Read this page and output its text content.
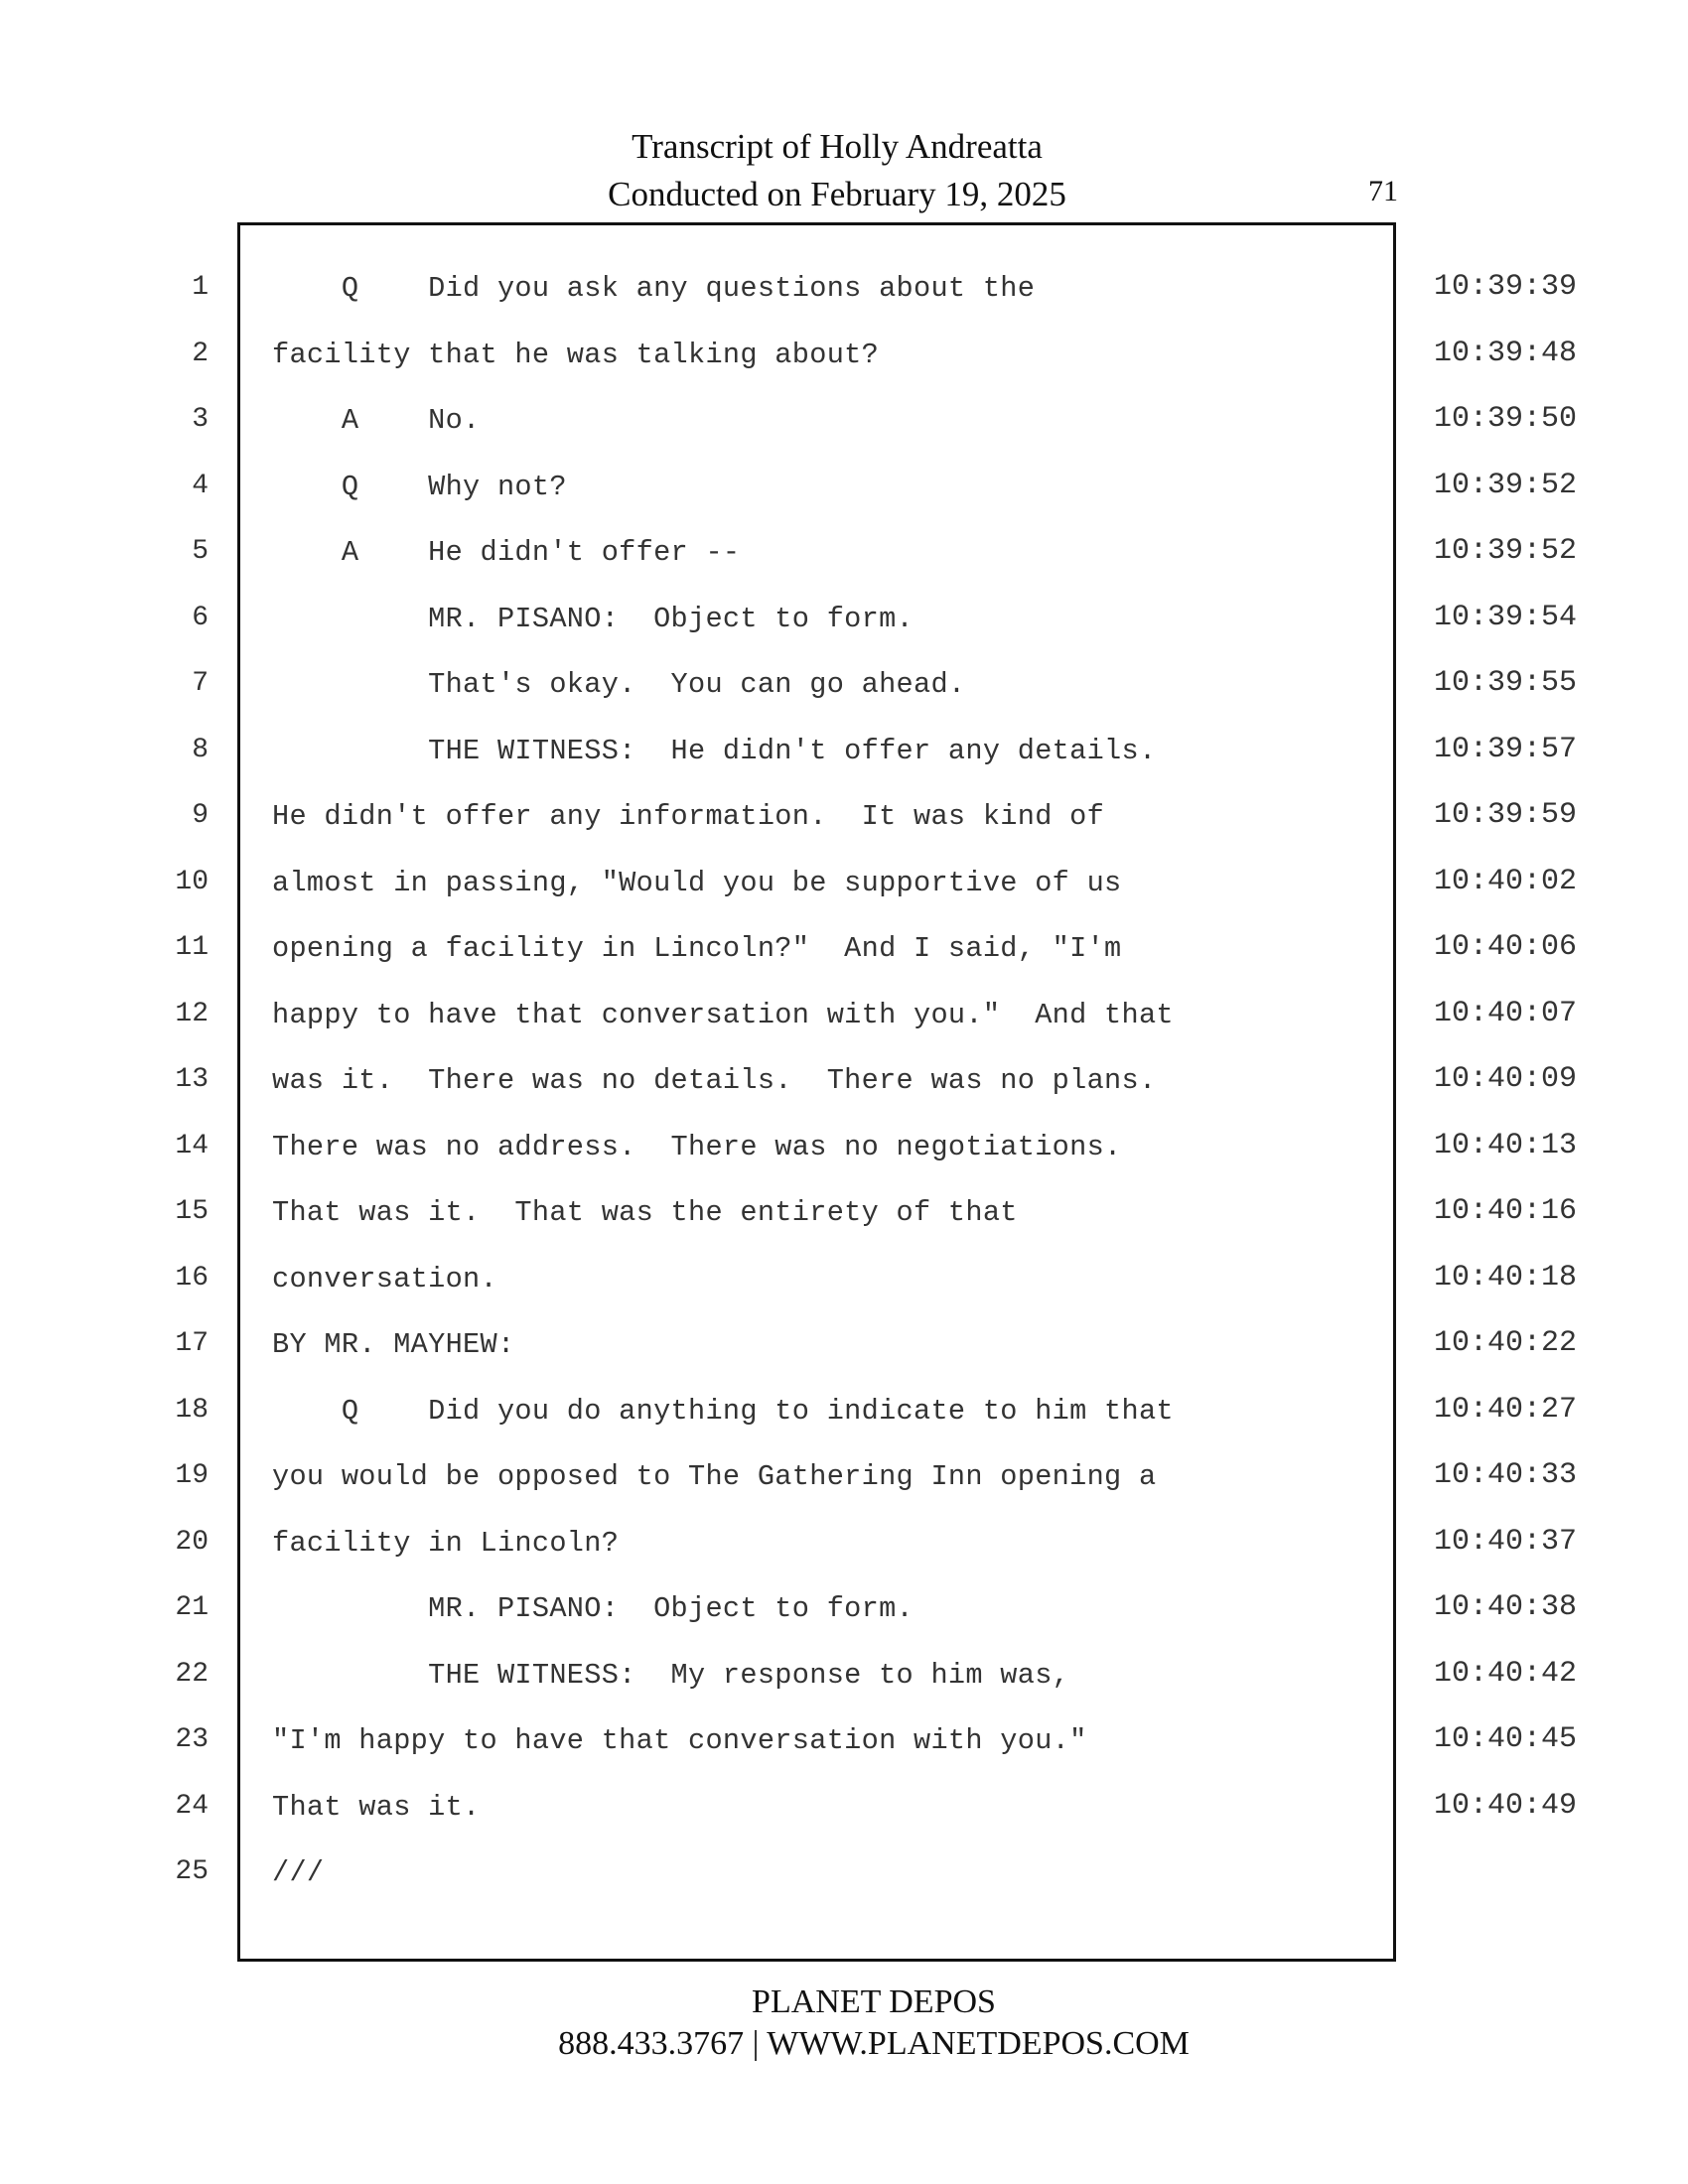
Transcript of Holly Andreatta
Conducted on February 19, 2025	71
1 Q    Did you ask any questions about the	10:39:39
2 facility that he was talking about?	10:39:48
3 A    No.	10:39:50
4 Q    Why not?	10:39:52
5 A    He didn't offer --	10:39:52
6 MR. PISANO:  Object to form.	10:39:54
7 That's okay.  You can go ahead.	10:39:55
8 THE WITNESS:  He didn't offer any details.	10:39:57
9 He didn't offer any information.  It was kind of	10:39:59
10 almost in passing, "Would you be supportive of us	10:40:02
11 opening a facility in Lincoln?"  And I said, "I'm	10:40:06
12 happy to have that conversation with you."  And that	10:40:07
13 was it.  There was no details.  There was no plans.	10:40:09
14 There was no address.  There was no negotiations.	10:40:13
15 That was it.  That was the entirety of that	10:40:16
16 conversation.	10:40:18
17 BY MR. MAYHEW:	10:40:22
18 Q    Did you do anything to indicate to him that	10:40:27
19 you would be opposed to The Gathering Inn opening a	10:40:33
20 facility in Lincoln?	10:40:37
21 MR. PISANO:  Object to form.	10:40:38
22 THE WITNESS:  My response to him was,	10:40:42
23 "I'm happy to have that conversation with you."	10:40:45
24 That was it.	10:40:49
25 ///
PLANET DEPOS
888.433.3767 | WWW.PLANETDEPOS.COM
